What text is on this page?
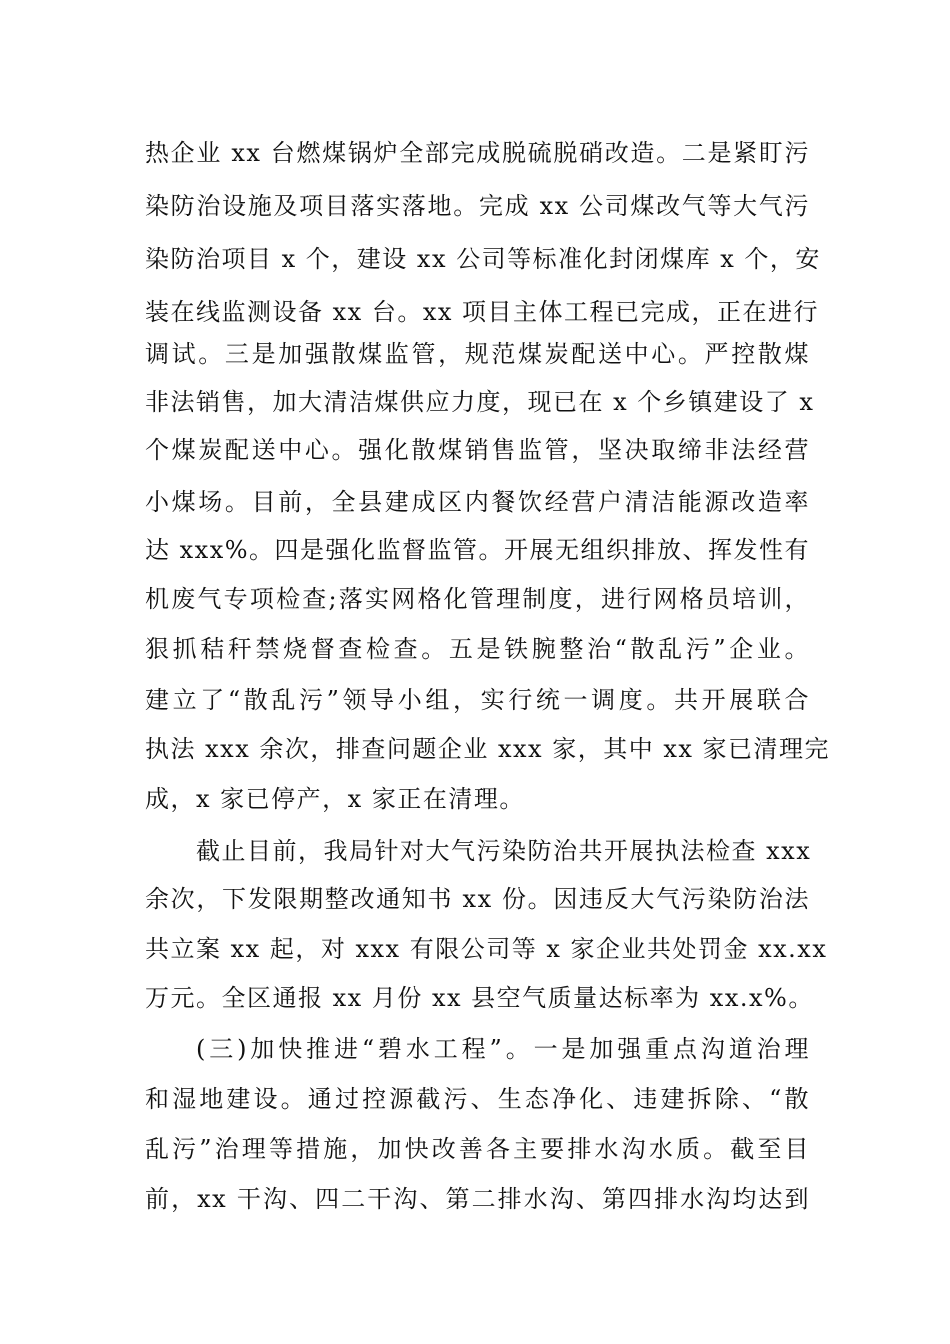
热企业 xx 台燃煤锅炉全部完成脱硫脱硝改造。二是紧盯污
染防治设施及项目落实落地。完成 xx 公司煤改气等大气污
染防治项目 x 个，建设 xx 公司等标准化封闭煤库 x 个，安
装在线监测设备 xx 台。xx 项目主体工程已完成，正在进行
调试。三是加强散煤监管，规范煤炭配送中心。严控散煤
非法销售，加大清洁煤供应力度，现已在 x 个乡镇建设了 x
个煤炭配送中心。强化散煤销售监管，坚决取缔非法经营
小煤场。目前，全县建成区内餐饮经营户清洁能源改造率
达 xxx%。四是强化监督监管。开展无组织排放、挥发性有
机废气专项检查;落实网格化管理制度，进行网格员培训，
狠抓秸秆禁烧督查检查。五是铁腕整治“散乱污”企业。
建立了“散乱污”领导小组，实行统一调度。共开展联合
执法 xxx 余次，排查问题企业 xxx 家，其中 xx 家已清理完
成，x 家已停产，x 家正在清理。
截止目前，我局针对大气污染防治共开展执法检查 xxx
余次，下发限期整改通知书 xx 份。因违反大气污染防治法
共立案 xx 起，对 xxx 有限公司等 x 家企业共处罚金 xx.xx
万元。全区通报 xx 月份 xx 县空气质量达标率为 xx.x%。
(三)加快推进“碧水工程”。一是加强重点沟道治理
和湿地建设。通过控源截污、生态净化、违建拆除、“散
乱污”治理等措施，加快改善各主要排水沟水质。截至目
前，xx 干沟、四二干沟、第二排水沟、第四排水沟均达到
